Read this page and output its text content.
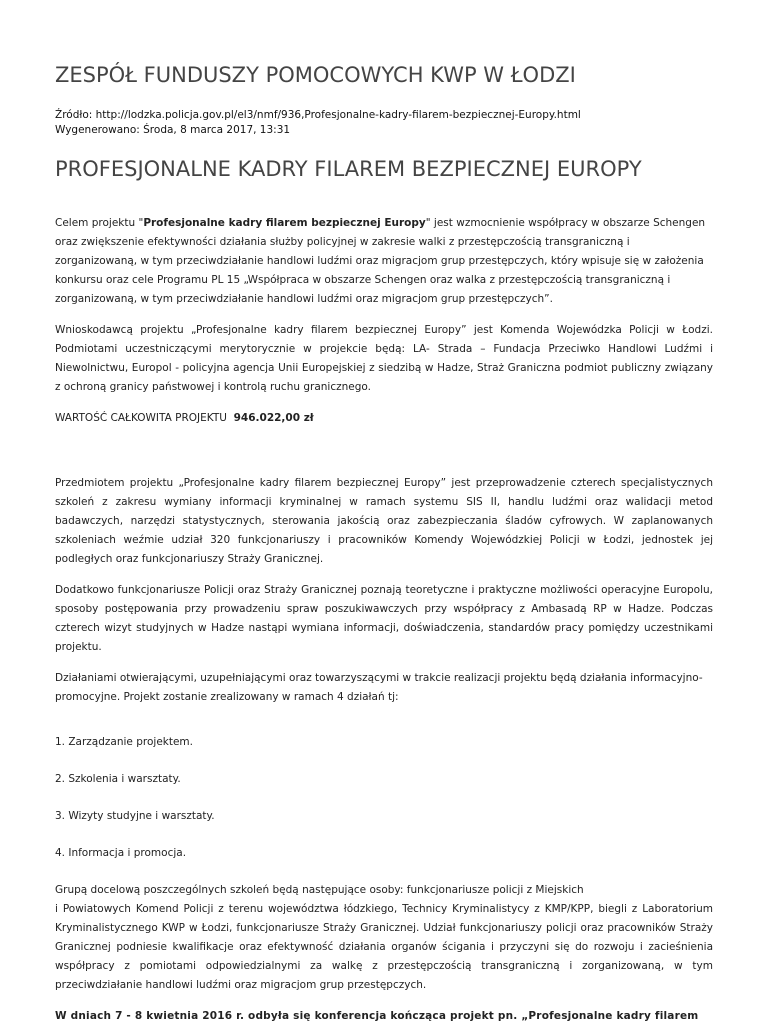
ZESPÓŁ FUNDUSZY POMOCOWYCH KWP W ŁODZI
Źródło: http://lodzka.policja.gov.pl/el3/nmf/936,Profesjonalne-kadry-filarem-bezpiecznej-Europy.html
Wygenerowano: Środa, 8 marca 2017, 13:31
PROFESJONALNE KADRY FILAREM BEZPIECZNEJ EUROPY

Celem projektu "Profesjonalne kadry filarem bezpiecznej Europy" jest wzmocnienie współpracy w obszarze Schengen oraz zwiększenie efektywności działania służby policyjnej w zakresie walki z przestępczością transgraniczną i zorganizowaną, w tym przeciwdziałanie handlowi ludźmi oraz migracjom grup przestępczych, który wpisuje się w założenia konkursu oraz cele Programu PL 15 „Współpraca w obszarze Schengen oraz walka z przestępczością transgraniczną i zorganizowaną, w tym przeciwdziałanie handlowi ludźmi oraz migracjom grup przestępczych”.

Wnioskodawcą projektu „Profesjonalne kadry filarem bezpiecznej Europy” jest Komenda Wojewódzka Policji w Łodzi. Podmiotami uczestniczącymi merytorycznie w projekcie będą: LA- Strada – Fundacja Przeciwko Handlowi Ludźmi i Niewolnictwu, Europol - policyjna agencja Unii Europejskiej z siedzibą w Hadze, Straż Graniczna podmiot publiczny związany z ochroną granicy państwowej i kontrolą ruchu granicznego.

WARTOŚĆ CAŁKOWITA PROJEKTU 946.022,00 zł

Przedmiotem projektu „Profesjonalne kadry filarem bezpiecznej Europy” jest przeprowadzenie czterech specjalistycznych szkoleń z zakresu wymiany informacji kryminalnej w ramach systemu SIS II, handlu ludźmi oraz walidacji metod badawczych, narzędzi statystycznych, sterowania jakością oraz zabezpieczania śladów cyfrowych. W zaplanowanych szkoleniach weźmie udział 320 funkcjonariuszy i pracowników Komendy Wojewódzkiej Policji w Łodzi, jednostek jej podległych oraz funkcjonariuszy Straży Granicznej.

Dodatkowo funkcjonariusze Policji oraz Straży Granicznej poznają teoretyczne i praktyczne możliwości operacyjne Europolu, sposoby postępowania przy prowadzeniu spraw poszukiwawczych przy współpracy z Ambasadą RP w Hadze. Podczas czterech wizyt studyjnych w Hadze nastąpi wymiana informacji, doświadczenia, standardów pracy pomiędzy uczestnikami projektu.

Działaniami otwierającymi, uzupełniającymi oraz towarzyszącymi w trakcie realizacji projektu będą działania informacyjno-promocyjne. Projekt zostanie zrealizowany w ramach 4 działań tj:

1. Zarządzanie projektem.

2. Szkolenia i warsztaty.

3. Wizyty studyjne i warsztaty.

4. Informacja i promocja.

Grupą docelową poszczególnych szkoleń będą następujące osoby: funkcjonariusze policji z Miejskich
i Powiatowych Komend Policji z terenu województwa łódzkiego, Technicy Kryminalistycy z KMP/KPP, biegli z Laboratorium Kryminalistycznego KWP w Łodzi, funkcjonariusze Straży Granicznej. Udział funkcjonariuszy policji oraz pracowników Straży Granicznej podniesie kwalifikacje oraz efektywność działania organów ścigania i przyczyni się do rozwoju i zacieśnienia współpracy z pomiotami odpowiedzialnymi za walkę z przestępczością transgraniczną i zorganizowaną, w tym przeciwdziałanie handlowi ludźmi oraz migracjom grup przestępczych.

W dniach 7 - 8 kwietnia 2016 r. odbyła się konferencja kończąca projekt pn. „Profesjonalne kadry filarem
